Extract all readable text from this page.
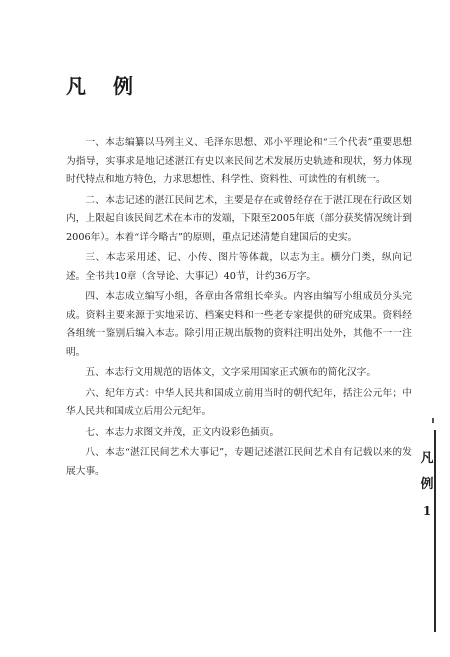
凡 例

一、本志编纂以马列主义、毛泽东思想、邓小平理论和“三个代表”重要思想为指导，实事求是地记述湛江有史以来民间艺术发展历史轨迹和现状，努力体现时代特点和地方特色，力求思想性、科学性、资料性、可读性的有机统一。

二、本志记述的湛江民间艺术，主要是存在或曾经存在于湛江现在行政区划内，上限起自该民间艺术在本市的发端，下限至2005年底（部分获奖情况统计到2006年）。本着“详今略古”的原则，重点记述清楚自建国后的史实。

三、本志采用述、记、小传、图片等体裁，以志为主。横分门类，纵向记述。全书共10章（含导论、大事记）40节，计约36万字。

四、本志成立编写小组，各章由各常组长牵头。内容由编写小组成员分头完成。资料主要来源于实地采访、档案史料和一些老专家提供的研究成果。资料经各组统一鉴别后编入本志。除引用正规出版物的资料注明出处外，其他不一一注明。

五、本志行文用规范的语体文，文字采用国家正式颁布的简化汉字。

六、纪年方式：中华人民共和国成立前用当时的朝代纪年，括注公元年；中华人民共和国成立后用公元纪年。

七、本志力求图文并茂，正文内设彩色插页。

八、本志“湛江民间艺术大事记”，专题记述湛江民间艺术自有记载以来的发展大事。

凡
例
1
